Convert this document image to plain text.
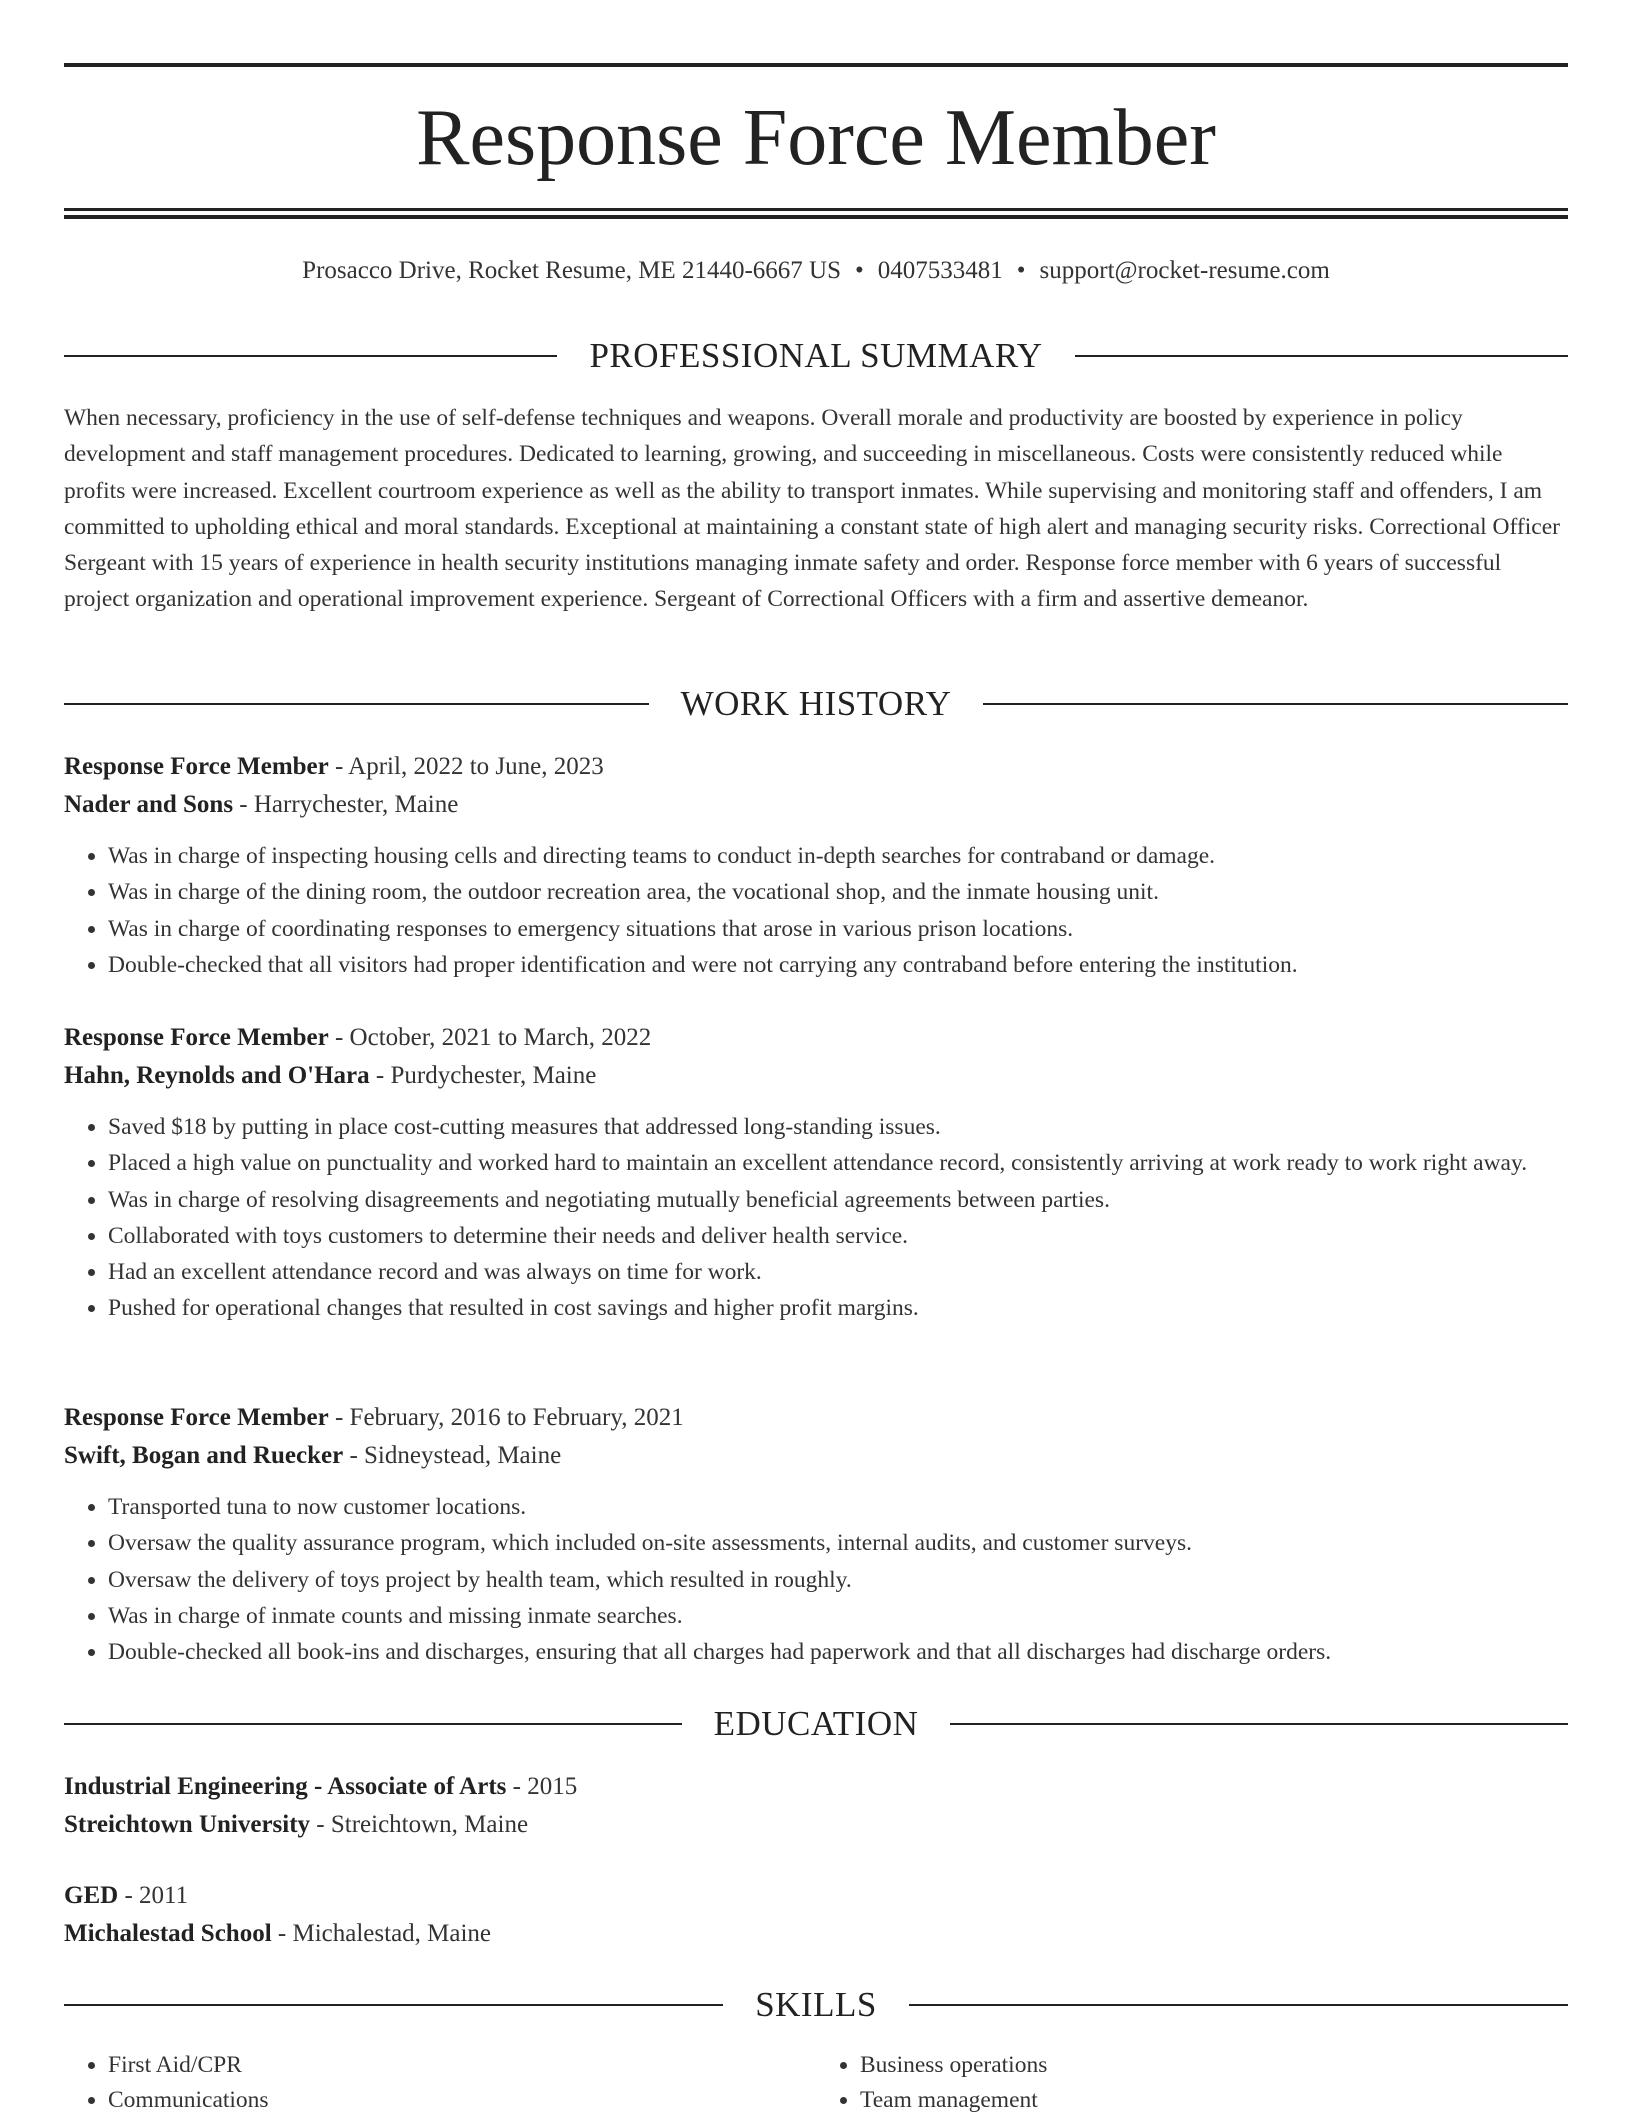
Response Force Member
Prosacco Drive, Rocket Resume, ME 21440-6667 US • 0407533481 • support@rocket-resume.com
PROFESSIONAL SUMMARY

When necessary, proficiency in the use of self-defense techniques and weapons. Overall morale and productivity are boosted by experience in policy development and staff management procedures. Dedicated to learning, growing, and succeeding in miscellaneous. Costs were consistently reduced while profits were increased. Excellent courtroom experience as well as the ability to transport inmates. While supervising and monitoring staff and offenders, I am committed to upholding ethical and moral standards. Exceptional at maintaining a constant state of high alert and managing security risks. Correctional Officer Sergeant with 15 years of experience in health security institutions managing inmate safety and order. Response force member with 6 years of successful project organization and operational improvement experience. Sergeant of Correctional Officers with a firm and assertive demeanor.

WORK HISTORY
Response Force Member - April, 2022 to June, 2023
Nader and Sons - Harrychester, Maine
• Was in charge of inspecting housing cells and directing teams to conduct in-depth searches for contraband or damage.
• Was in charge of the dining room, the outdoor recreation area, the vocational shop, and the inmate housing unit.
• Was in charge of coordinating responses to emergency situations that arose in various prison locations.
• Double-checked that all visitors had proper identification and were not carrying any contraband before entering the institution.
Response Force Member - October, 2021 to March, 2022
Hahn, Reynolds and O'Hara - Purdychester, Maine
• Saved $18 by putting in place cost-cutting measures that addressed long-standing issues.
• Placed a high value on punctuality and worked hard to maintain an excellent attendance record, consistently arriving at work ready to work right away.
• Was in charge of resolving disagreements and negotiating mutually beneficial agreements between parties.
• Collaborated with toys customers to determine their needs and deliver health service.
• Had an excellent attendance record and was always on time for work.
• Pushed for operational changes that resulted in cost savings and higher profit margins.
Response Force Member - February, 2016 to February, 2021
Swift, Bogan and Ruecker - Sidneystead, Maine
• Transported tuna to now customer locations.
• Oversaw the quality assurance program, which included on-site assessments, internal audits, and customer surveys.
• Oversaw the delivery of toys project by health team, which resulted in roughly.
• Was in charge of inmate counts and missing inmate searches.
• Double-checked all book-ins and discharges, ensuring that all charges had paperwork and that all discharges had discharge orders.
EDUCATION
Industrial Engineering - Associate of Arts - 2015
Streichtown University - Streichtown, Maine
GED - 2011
Michalestad School - Michalestad, Maine
SKILLS
• First Aid/CPR
• Communications
• Business operations
• Team management
